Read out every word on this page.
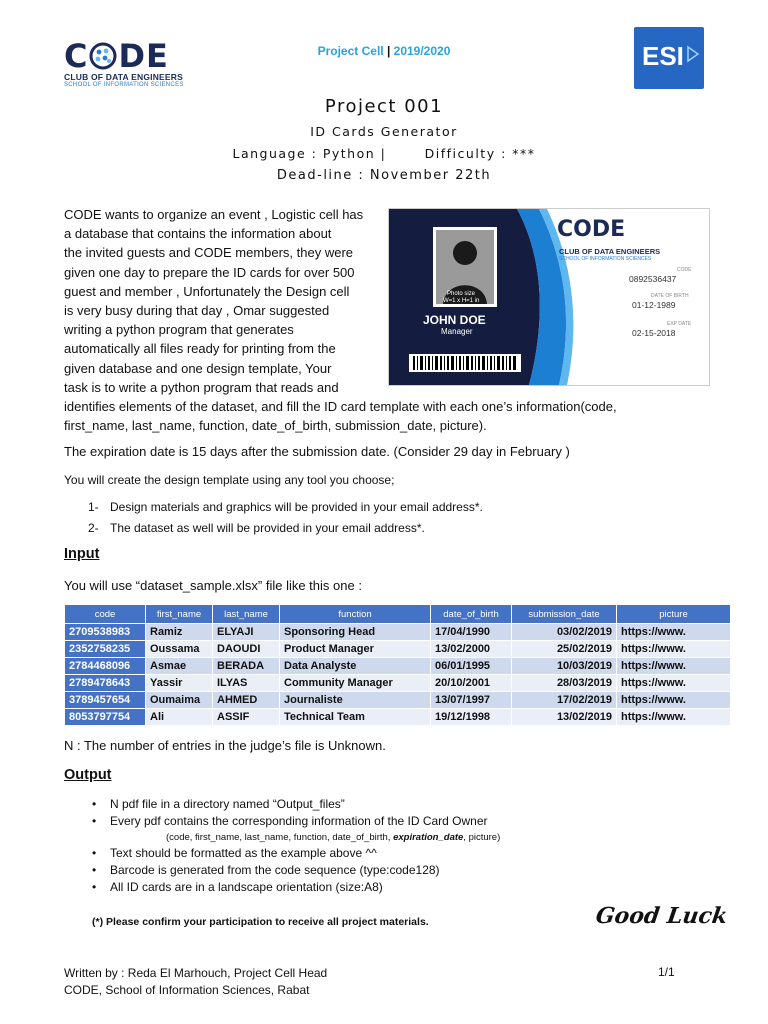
C DE
CLUB OF DATA ENGINEERS
SCHOOL OF INFORMATION SCIENCES
Project Cell | 2019/2020	ESI
Project 001
ID Cards Generator
Language : Python |       Difficulty : ***
Dead-line : November 22th
CODE wants to organize an event , Logistic cell has
a database that contains the information about
the invited guests and CODE members, they were
given one day to prepare the ID cards for over 500
guest and member , Unfortunately the Design cell
is very busy during that day , Omar suggested
writing a python program that generates
automatically all files ready for printing from the
given database and one design template, Your
task is to write a python program that reads and
identifies elements of the dataset, and fill the ID card template with each one’s information(code,
first_name, last_name, function, date_of_birth, submission_date, picture).
Photo size
W=1 x H=1 in
JOHN DOE
Manager
CODE
CLUB OF DATA ENGINEERS
SCHOOL OF INFORMATION SCIENCES
CODE
0892536437
DATE OF BIRTH
01-12-1989
EXP DATE
02-15-2018
The expiration date is 15 days after the submission date. (Consider 29 day in February )
You will create the design template using any tool you choose;
1- Design materials and graphics will be provided in your email address*.
2- The dataset as well will be provided in your email address*.
Input
You will use “dataset_sample.xlsx” file like this one :
code	first_name	last_name	function	date_of_birth	submission_date	picture
2709538983	Ramiz	ELYAJI	Sponsoring Head	17/04/1990	03/02/2019	https://www.
2352758235	Oussama	DAOUDI	Product Manager	13/02/2000	25/02/2019	https://www.
2784468096	Asmae	BERADA	Data Analyste	06/01/1995	10/03/2019	https://www.
2789478643	Yassir	ILYAS	Community Manager	20/10/2001	28/03/2019	https://www.
3789457654	Oumaima	AHMED	Journaliste	13/07/1997	17/02/2019	https://www.
8053797754	Ali	ASSIF	Technical Team	19/12/1998	13/02/2019	https://www.
N : The number of entries in the judge’s file is Unknown.
Output
•	N pdf file in a directory named “Output_files”
•	Every pdf contains the corresponding information of the ID Card Owner
(code, first_name, last_name, function, date_of_birth, expiration_date, picture)
•	Text should be formatted as the example above ^^
•	Barcode is generated from the code sequence (type:code128)
•	All ID cards are in a landscape orientation (size:A8)
(*) Please confirm your participation to receive all project materials.	Good Luck
Written by : Reda El Marhouch, Project Cell Head
CODE, School of Information Sciences, Rabat
1/1
